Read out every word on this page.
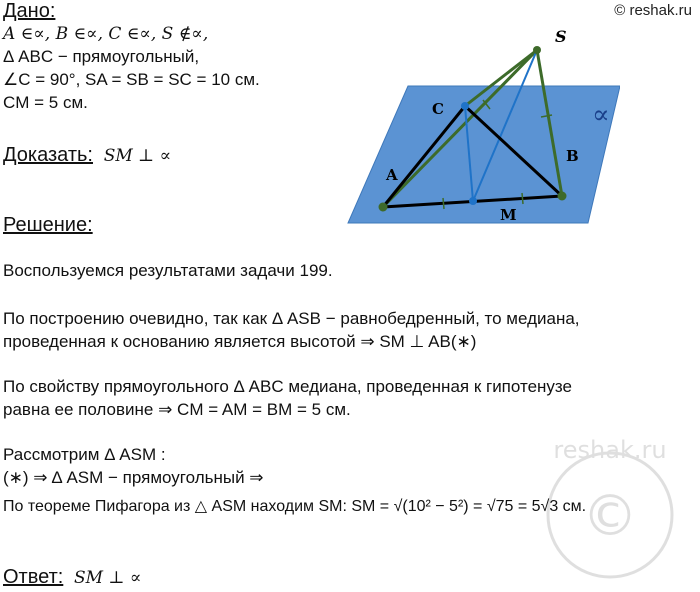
© reshak.ru
Дано:
A ∈∝, B ∈∝, C ∈∝, S ∉∝,
Δ ABC − прямоугольный,
∠C = 90°, SA = SB = SC = 10 см.
CM = 5 см.
Доказать: SM ⊥ ∝
S
C
A
B
M
∝
Решение:
Воспользуемся результатами задачи 199.
По построению очевидно, так как Δ ASB − равнобедренный, то медиана,
проведенная к основанию является высотой ⇒ SM ⊥ AB(∗)
По свойству прямоугольного Δ ABC медиана, проведенная к гипотенузе
равна ее половине ⇒ CM = AM = BM = 5 см.
Рассмотрим Δ ASM :
(∗) ⇒ Δ ASM − прямоугольный ⇒
По теореме Пифагора из △ ASM находим SM: SM = √(10² − 5²) = √75 = 5√3 см.
Ответ: SM ⊥ ∝
©
reshak.ru
